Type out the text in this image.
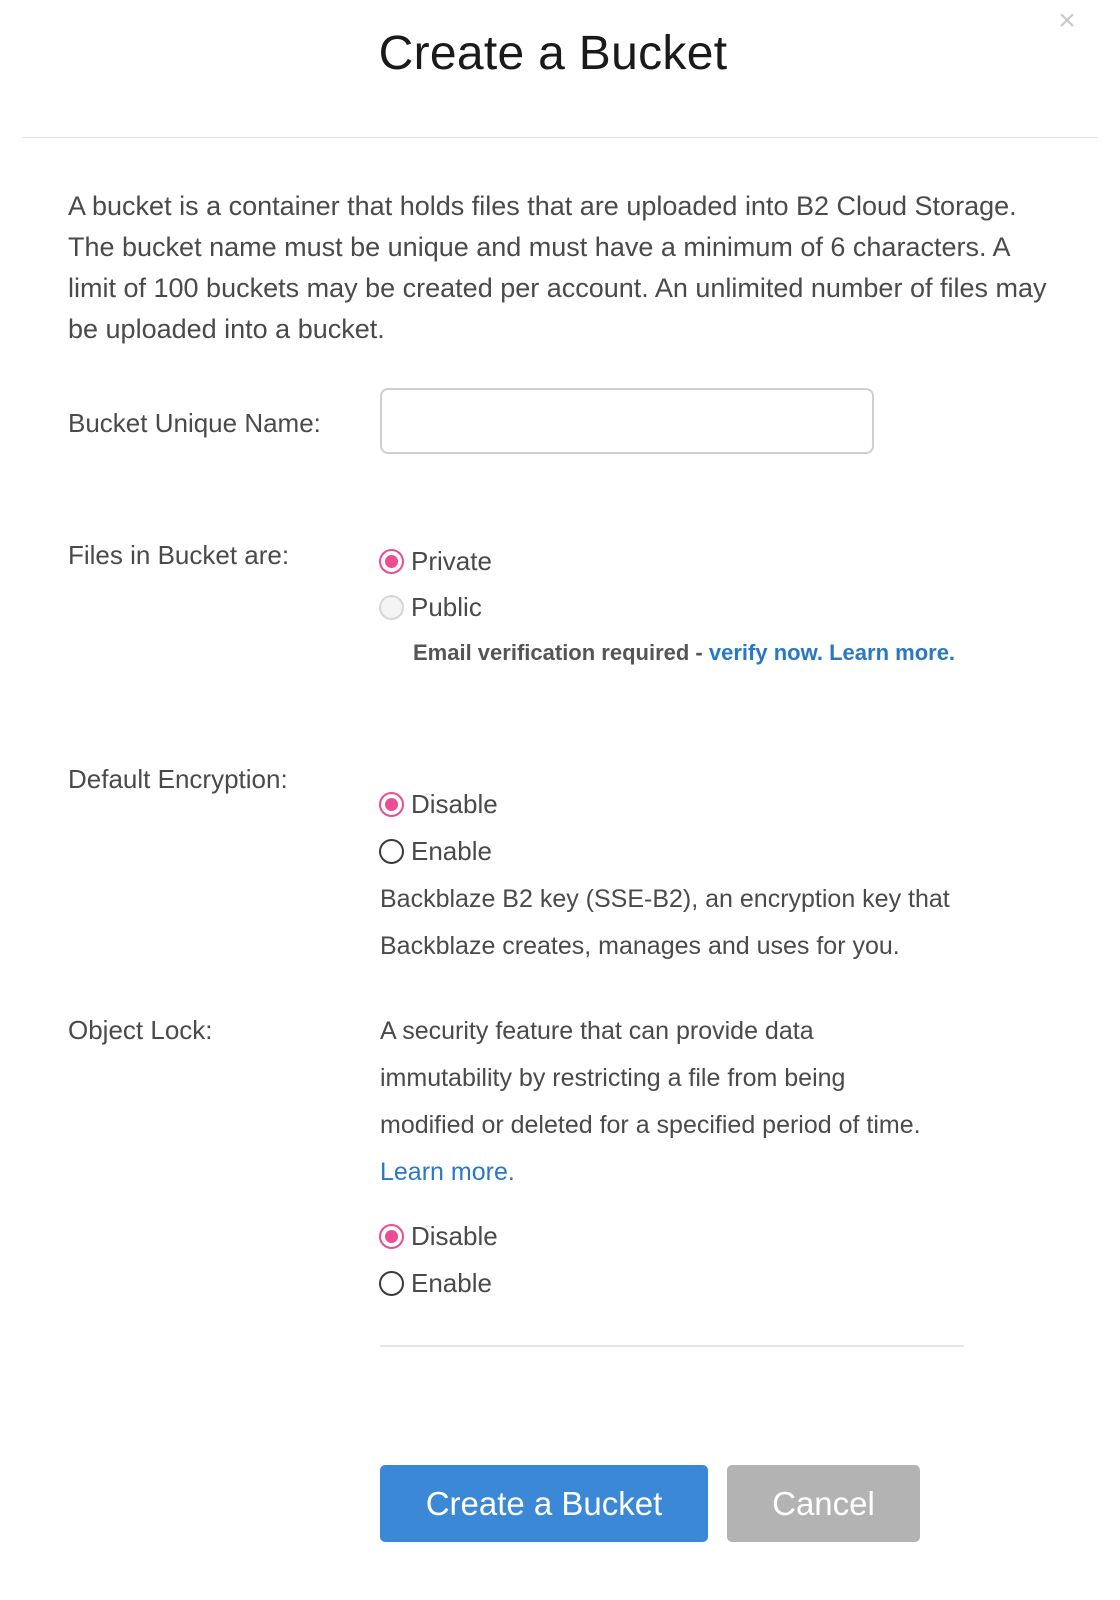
×
Create a Bucket

A bucket is a container that holds files that are uploaded into B2 Cloud Storage. The bucket name must be unique and must have a minimum of 6 characters. A limit of 100 buckets may be created per account. An unlimited number of files may be uploaded into a bucket.

Bucket Unique Name:
Files in Bucket are:	Private
Public
Email verification required - verify now. Learn more.
Default Encryption:
Disable
Enable

Backblaze B2 key (SSE-B2), an encryption key that Backblaze creates, manages and uses for you.

Object Lock:	A security feature that can provide data immutability by restricting a file from being modified or deleted for a specified period of time. Learn more.

Disable
Enable
Create a Bucket	Cancel
